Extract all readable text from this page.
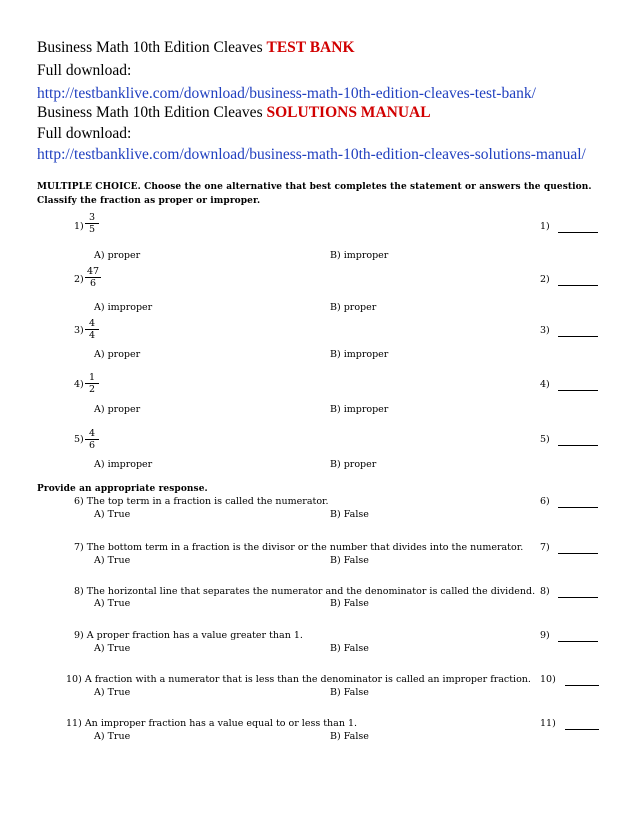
Business Math 10th Edition Cleaves TEST BANK
Full download:
http://testbanklive.com/download/business-math-10th-edition-cleaves-test-bank/
Business Math 10th Edition Cleaves SOLUTIONS MANUAL
Full download:
http://testbanklive.com/download/business-math-10th-edition-cleaves-solutions-manual/
MULTIPLE CHOICE. Choose the one alternative that best completes the statement or answers the question.
Classify the fraction as proper or improper.
$1) \frac{3}{5}$	1)
A) proper	B) improper
$2) \frac{47}{6}$	2)
A) improper	B) proper
$3) \frac{4}{4}$	3)
A) proper	B) improper
$4) \frac{1}{2}$	4)
A) proper	B) improper
$5) \frac{4}{6}$	5)
A) improper	B) proper
Provide an appropriate response.
6) The top term in a fraction is called the numerator.	6)
A) True	B) False
7) The bottom term in a fraction is the divisor or the number that divides into the numerator. 7)
A) True	B) False
8) The horizontal line that separates the numerator and the denominator is called the dividend. 8)
A) True	B) False
9) A proper fraction has a value greater than 1.	9)
A) True	B) False
10) A fraction with a numerator that is less than the denominator is called an improper fraction. 10)
A) True	B) False
11) An improper fraction has a value equal to or less than 1.	11)
A) True	B) False
